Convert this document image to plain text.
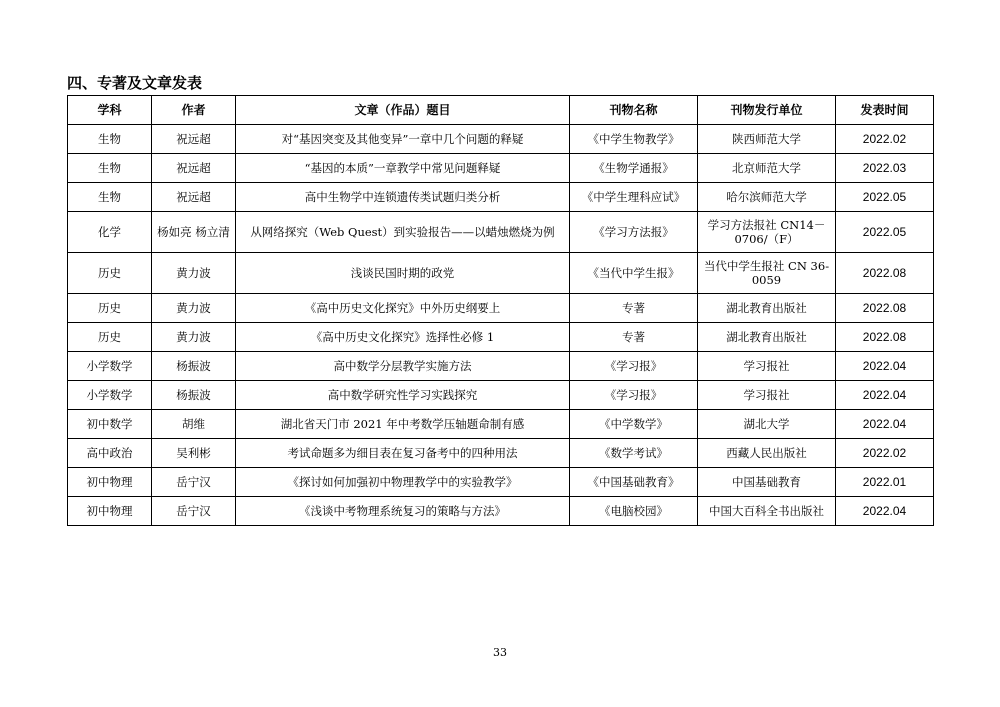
四、专著及文章发表
学科	作者	文章（作品）题目	刊物名称	刊物发行单位	发表时间
生物	祝远超	对“基因突变及其他变异”一章中几个问题的释疑	《中学生物教学》	陕西师范大学	2022.02
生物	祝远超	“基因的本质”一章教学中常见问题释疑	《生物学通报》	北京师范大学	2022.03
生物	祝远超	高中生物学中连锁遗传类试题归类分析	《中学生理科应试》	哈尔滨师范大学	2022.05
化学	杨如亮 杨立清	从网络探究（Web Quest）到实验报告——以蜡烛燃烧为例	《学习方法报》	学习方法报社 CN14－0706/（F）	2022.05
历史	黄力波	浅谈民国时期的政党	《当代中学生报》	当代中学生报社 CN 36-0059	2022.08
历史	黄力波	《高中历史文化探究》中外历史纲要上	专著	湖北教育出版社	2022.08
历史	黄力波	《高中历史文化探究》选择性必修 1	专著	湖北教育出版社	2022.08
小学数学	杨振波	高中数学分层教学实施方法	《学习报》	学习报社	2022.04
小学数学	杨振波	高中数学研究性学习实践探究	《学习报》	学习报社	2022.04
初中数学	胡维	湖北省天门市 2021 年中考数学压轴题命制有感	《中学数学》	湖北大学	2022.04
高中政治	吴利彬	考试命题多为细目表在复习备考中的四种用法	《数学考试》	西藏人民出版社	2022.02
初中物理	岳宁汉	《探讨如何加强初中物理教学中的实验教学》	《中国基础教育》	中国基础教育	2022.01
初中物理	岳宁汉	《浅谈中考物理系统复习的策略与方法》	《电脑校园》	中国大百科全书出版社	2022.04
33
